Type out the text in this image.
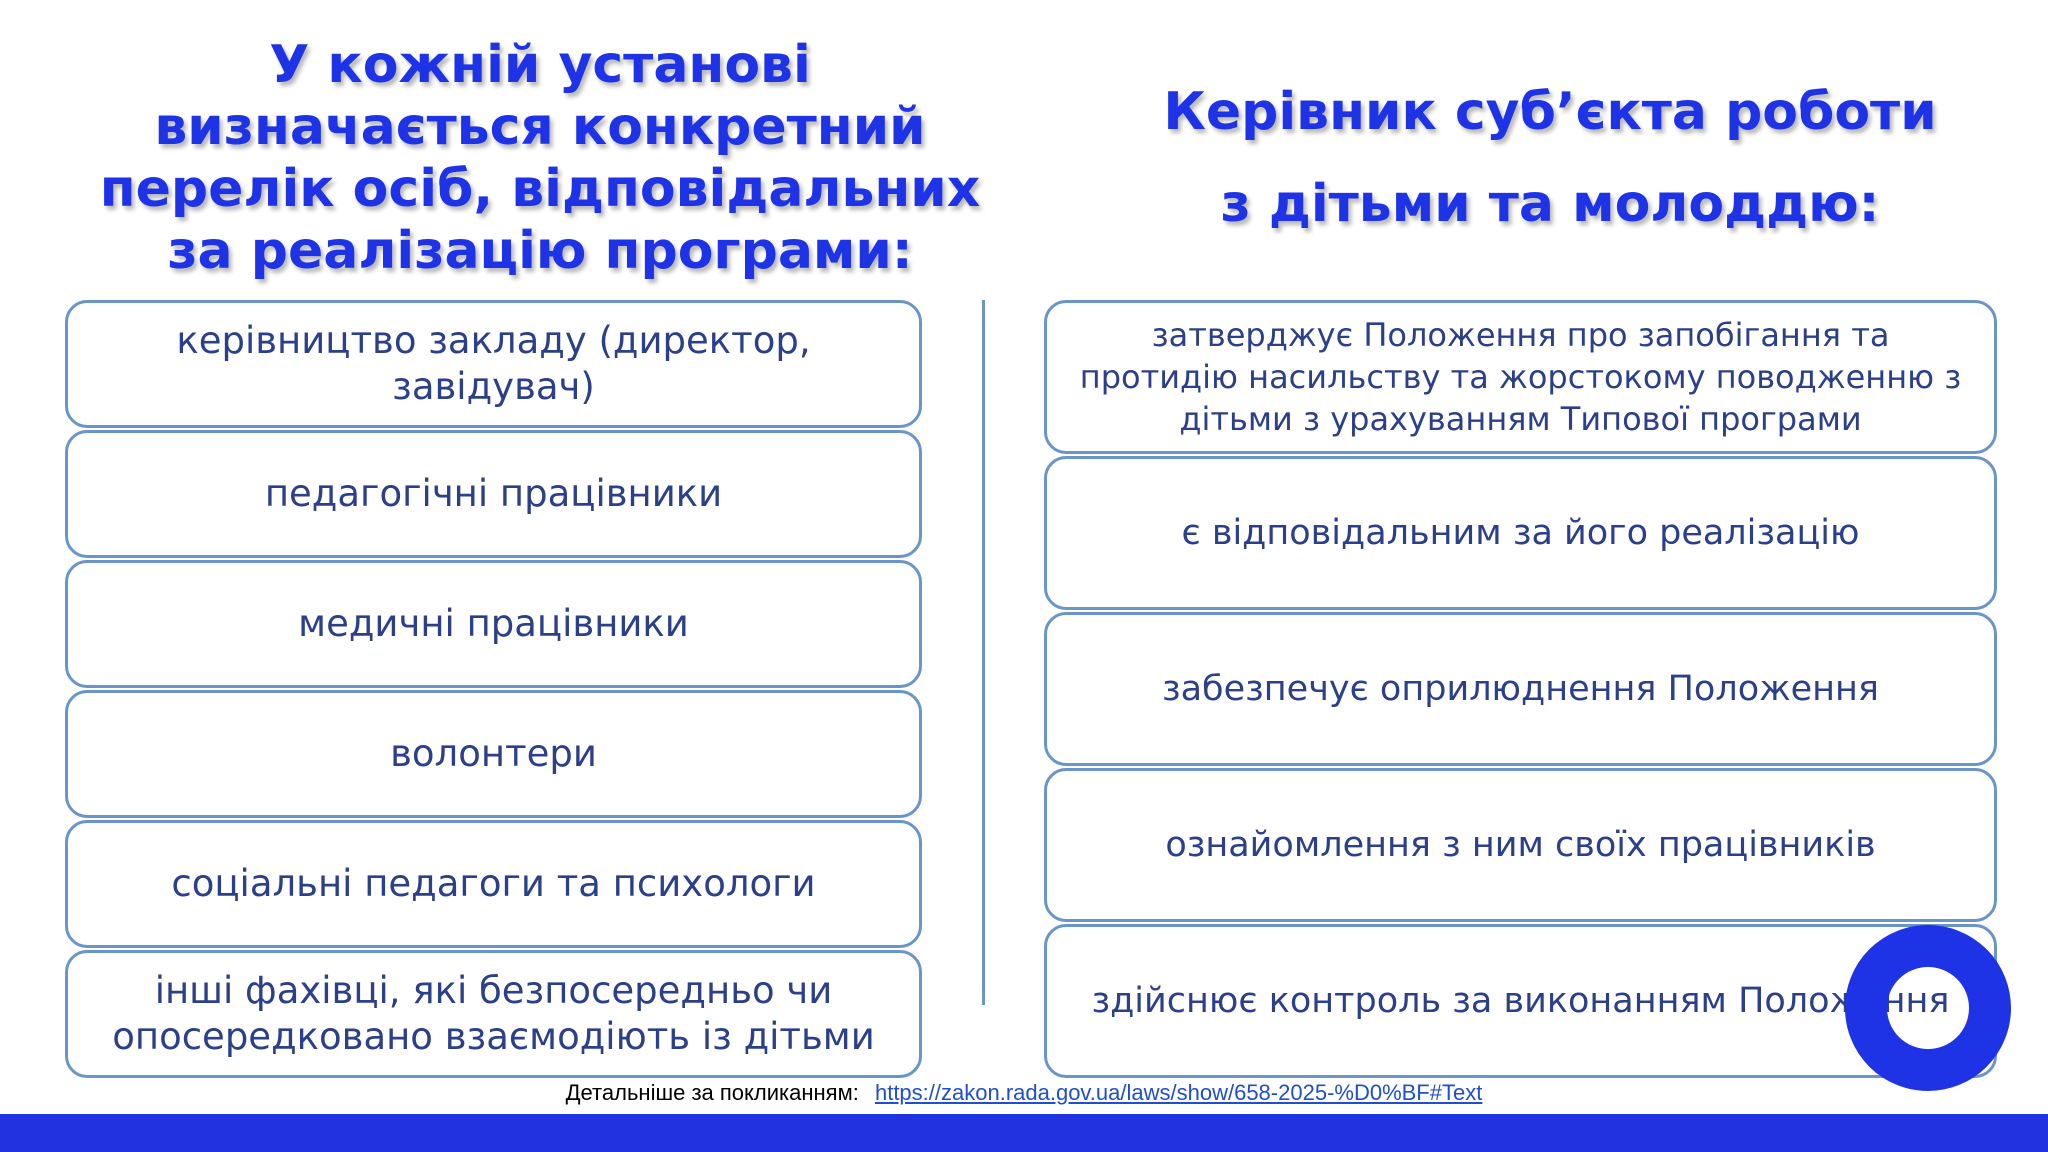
У кожній установі
визначається конкретний
перелік осіб, відповідальних
за реалізацію програми:
Керівник суб’єкта роботи
з дітьми та молоддю:
керівництво закладу (директор, завідувач)
педагогічні працівники
медичні працівники
волонтери
соціальні педагоги та психологи
інші фахівці, які безпосередньо чи
опосередковано взаємодіють із дітьми
затверджує Положення про запобігання та
протидію насильству та жорстокому поводженню з
дітьми з урахуванням Типової програми
є відповідальним за його реалізацію
забезпечує оприлюднення Положення
ознайомлення з ним своїх працівників
здійснює контроль за виконанням Положення
Детальніше за покликанням: https://zakon.rada.gov.ua/laws/show/658-2025-%D0%BF#Text
